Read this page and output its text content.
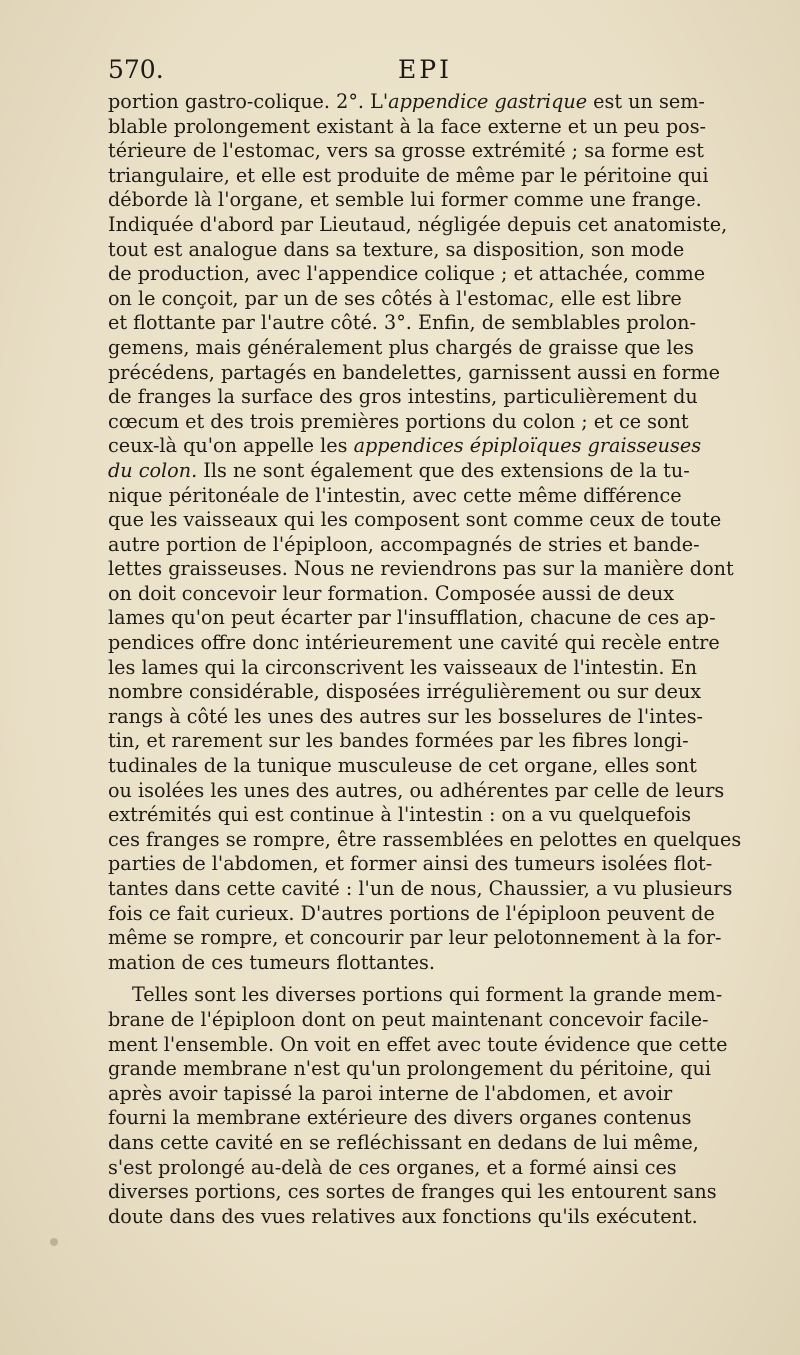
570.	EPI
portion gastro-colique. 2°. L'appendice gastrique est un sem-
blable prolongement existant à la face externe et un peu pos-
térieure de l'estomac, vers sa grosse extrémité ; sa forme est
triangulaire, et elle est produite de même par le péritoine qui
déborde là l'organe, et semble lui former comme une frange.
Indiquée d'abord par Lieutaud, négligée depuis cet anatomiste,
tout est analogue dans sa texture, sa disposition, son mode
de production, avec l'appendice colique ; et attachée, comme
on le conçoit, par un de ses côtés à l'estomac, elle est libre
et flottante par l'autre côté. 3°. Enfin, de semblables prolon-
gemens, mais généralement plus chargés de graisse que les
précédens, partagés en bandelettes, garnissent aussi en forme
de franges la surface des gros intestins, particulièrement du
cœcum et des trois premières portions du colon ; et ce sont
ceux-là qu'on appelle les appendices épiploïques graisseuses
du colon. Ils ne sont également que des extensions de la tu-
nique péritonéale de l'intestin, avec cette même différence
que les vaisseaux qui les composent sont comme ceux de toute
autre portion de l'épiploon, accompagnés de stries et bande-
lettes graisseuses. Nous ne reviendrons pas sur la manière dont
on doit concevoir leur formation. Composée aussi de deux
lames qu'on peut écarter par l'insufflation, chacune de ces ap-
pendices offre donc intérieurement une cavité qui recèle entre
les lames qui la circonscrivent les vaisseaux de l'intestin. En
nombre considérable, disposées irrégulièrement ou sur deux
rangs à côté les unes des autres sur les bosselures de l'intes-
tin, et rarement sur les bandes formées par les fibres longi-
tudinales de la tunique musculeuse de cet organe, elles sont
ou isolées les unes des autres, ou adhérentes par celle de leurs
extrémités qui est continue à l'intestin : on a vu quelquefois
ces franges se rompre, être rassemblées en pelottes en quelques
parties de l'abdomen, et former ainsi des tumeurs isolées flot-
tantes dans cette cavité : l'un de nous, Chaussier, a vu plusieurs
fois ce fait curieux. D'autres portions de l'épiploon peuvent de
même se rompre, et concourir par leur pelotonnement à la for-
mation de ces tumeurs flottantes.
Telles sont les diverses portions qui forment la grande mem-
brane de l'épiploon dont on peut maintenant concevoir facile-
ment l'ensemble. On voit en effet avec toute évidence que cette
grande membrane n'est qu'un prolongement du péritoine, qui
après avoir tapissé la paroi interne de l'abdomen, et avoir
fourni la membrane extérieure des divers organes contenus
dans cette cavité en se refléchissant en dedans de lui même,
s'est prolongé au-delà de ces organes, et a formé ainsi ces
diverses portions, ces sortes de franges qui les entourent sans
doute dans des vues relatives aux fonctions qu'ils exécutent.
